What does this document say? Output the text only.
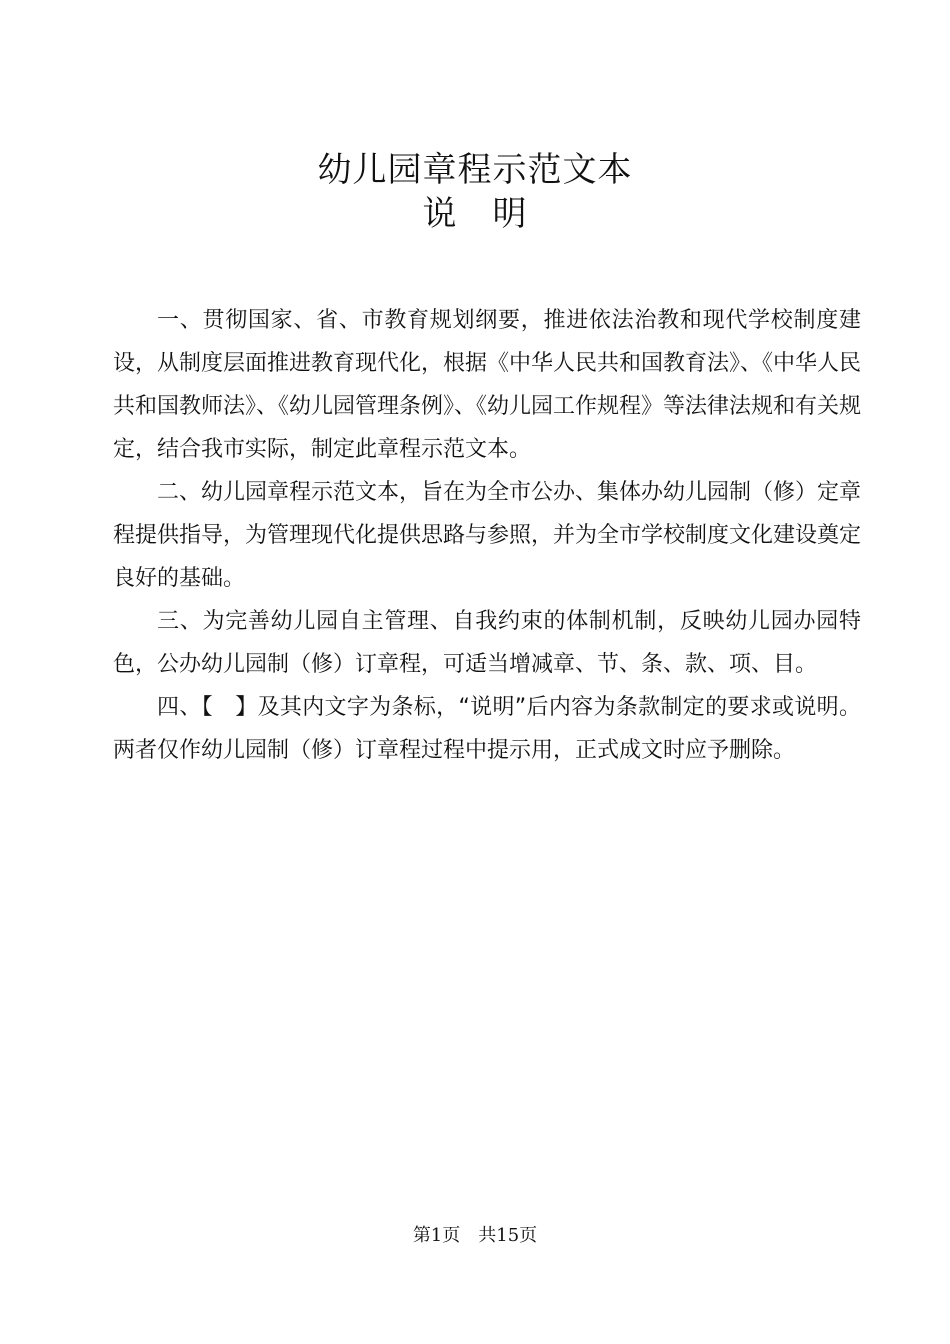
幼儿园章程示范文本
说　明

一、贯彻国家、省、市教育规划纲要，推进依法治教和现代学校制度建设，从制度层面推进教育现代化，根据《中华人民共和国教育法》、《中华人民共和国教师法》、《幼儿园管理条例》、《幼儿园工作规程》等法律法规和有关规定，结合我市实际，制定此章程示范文本。

二、幼儿园章程示范文本，旨在为全市公办、集体办幼儿园制（修）定章程提供指导，为管理现代化提供思路与参照，并为全市学校制度文化建设奠定良好的基础。

三、为完善幼儿园自主管理、自我约束的体制机制，反映幼儿园办园特色，公办幼儿园制（修）订章程，可适当增减章、节、条、款、项、目。

四、【　】及其内文字为条标，“说明”后内容为条款制定的要求或说明。两者仅作幼儿园制（修）订章程过程中提示用，正式成文时应予删除。

第1页　共15页
